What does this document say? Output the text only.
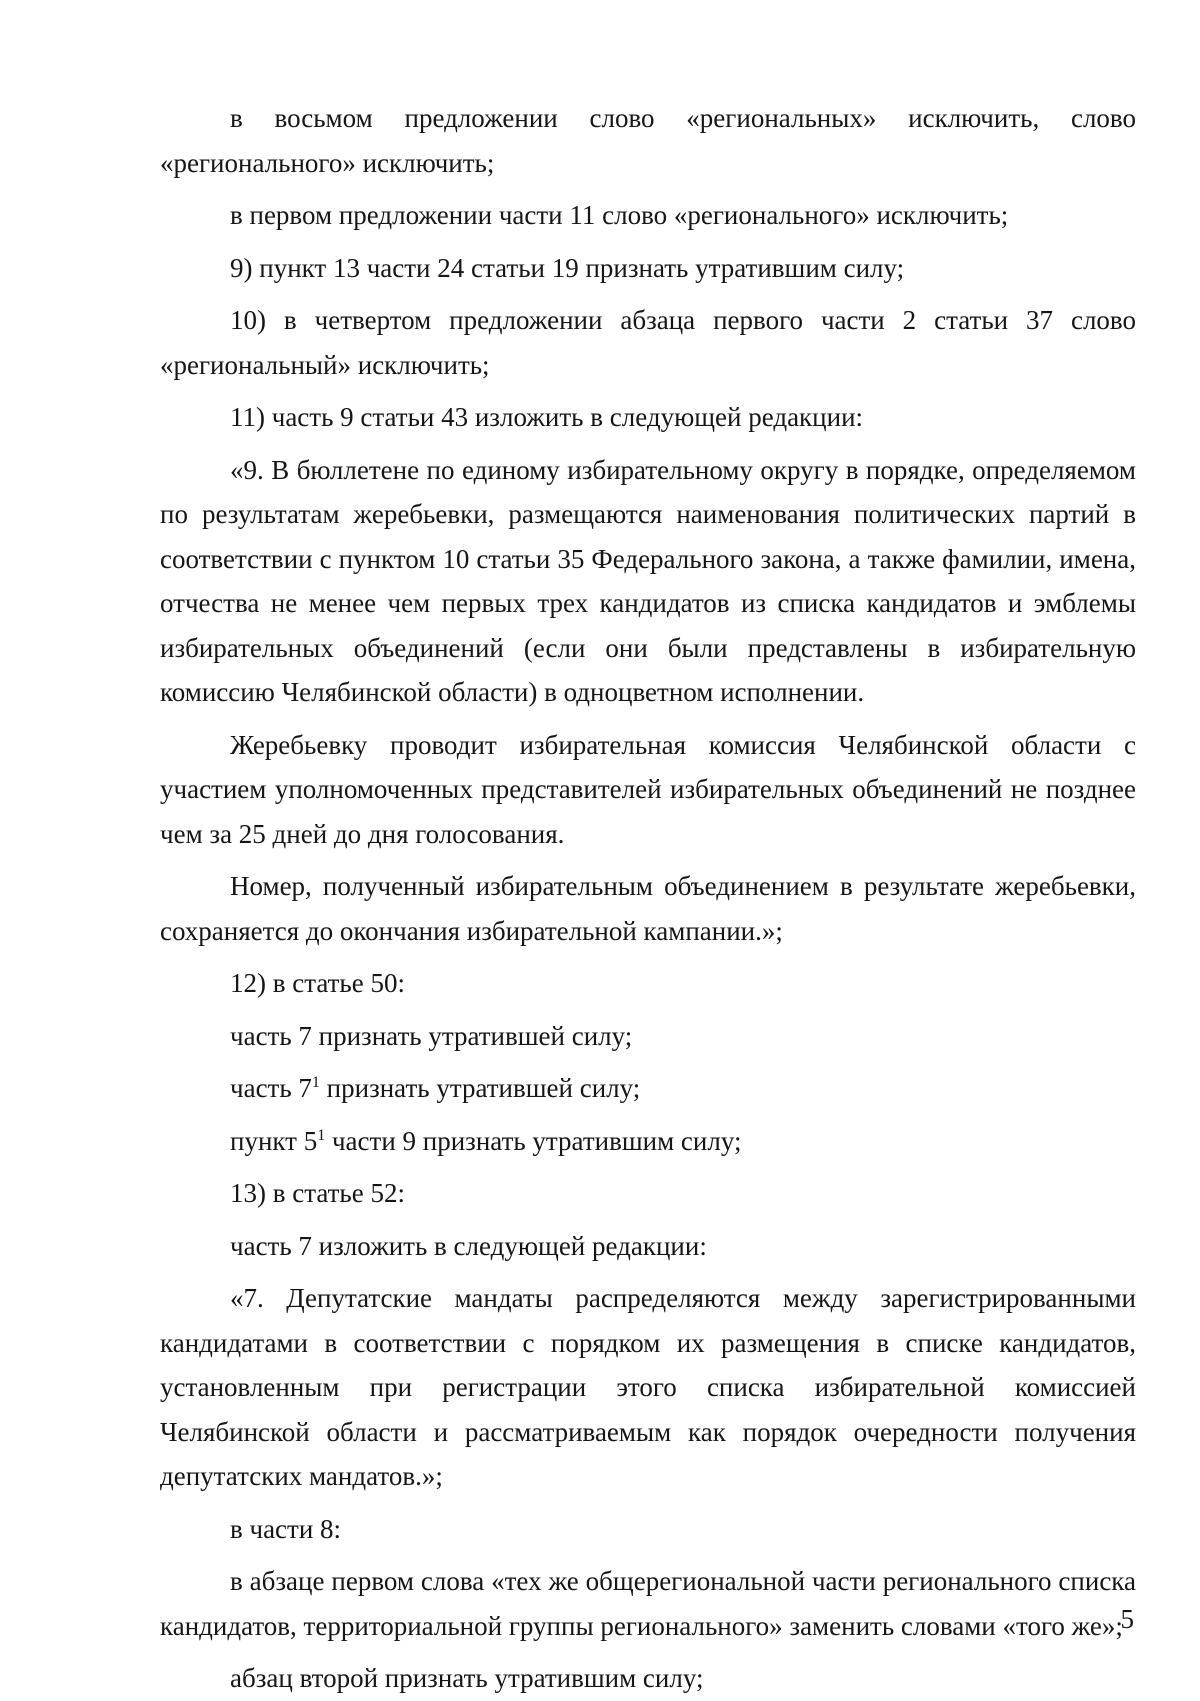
в восьмом предложении слово «региональных» исключить, слово «регионального» исключить;

в первом предложении части 11 слово «регионального» исключить;

9) пункт 13 части 24 статьи 19 признать утратившим силу;

10) в четвертом предложении абзаца первого части 2 статьи 37 слово «региональный» исключить;

11) часть 9 статьи 43 изложить в следующей редакции:

«9. В бюллетене по единому избирательному округу в порядке, определяемом по результатам жеребьевки, размещаются наименования политических партий в соответствии с пунктом 10 статьи 35 Федерального закона, а также фамилии, имена, отчества не менее чем первых трех кандидатов из списка кандидатов и эмблемы избирательных объединений (если они были представлены в избирательную комиссию Челябинской области) в одноцветном исполнении.

Жеребьевку проводит избирательная комиссия Челябинской области с участием уполномоченных представителей избирательных объединений не позднее чем за 25 дней до дня голосования.

Номер, полученный избирательным объединением в результате жеребьевки, сохраняется до окончания избирательной кампании.»;

12) в статье 50:

часть 7 признать утратившей силу;

часть $7^1$ признать утратившей силу;

пункт $5^1$ части 9 признать утратившим силу;

13) в статье 52:

часть 7 изложить в следующей редакции:

«7. Депутатские мандаты распределяются между зарегистрированными кандидатами в соответствии с порядком их размещения в списке кандидатов, установленным при регистрации этого списка избирательной комиссией Челябинской области и рассматриваемым как порядок очередности получения депутатских мандатов.»;

в части 8:

в абзаце первом слова «тех же общерегиональной части регионального списка кандидатов, территориальной группы регионального» заменить словами «того же»;

абзац второй признать утратившим силу;

5
